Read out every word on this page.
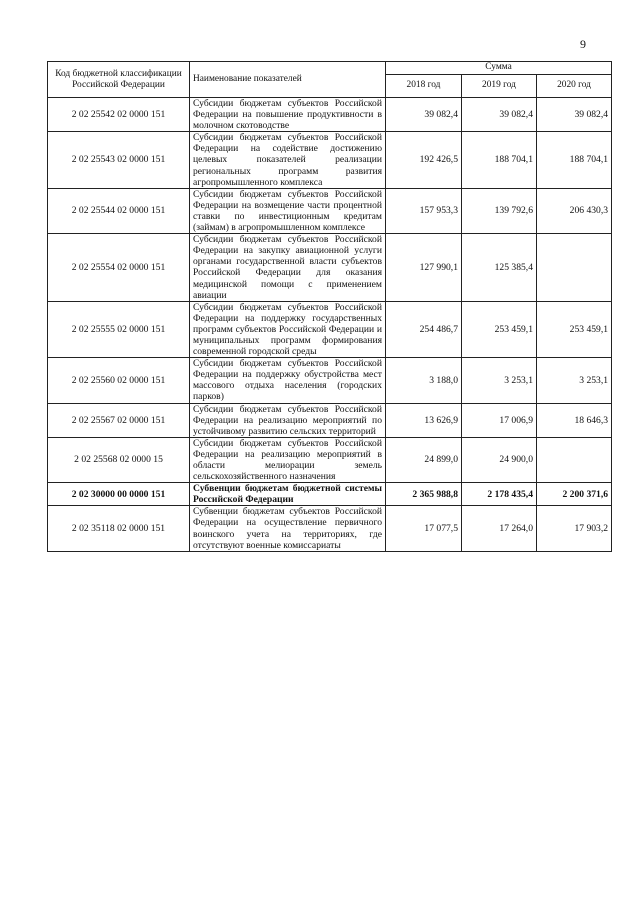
9
Код бюджетной классификации Российской Федерации	Наименование показателей	Сумма		
		2018 год	2019 год	2020 год
2 02 25542 02 0000 151	Субсидии бюджетам субъектов Российской Федерации на повышение продуктивности в молочном скотоводстве	39 082,4	39 082,4	39 082,4
2 02 25543 02 0000 151	Субсидии бюджетам субъектов Российской Федерации на содействие достижению целевых показателей реализации региональных программ развития агропромышленного комплекса	192 426,5	188 704,1	188 704,1
2 02 25544 02 0000 151	Субсидии бюджетам субъектов Российской Федерации на возмещение части процентной ставки по инвестиционным кредитам (займам) в агропромышленном комплексе	157 953,3	139 792,6	206 430,3
2 02 25554 02 0000 151	Субсидии бюджетам субъектов Российской Федерации на закупку авиационной услуги органами государственной власти субъектов Российской Федерации для оказания медицинской помощи с применением авиации	127 990,1	125 385,4	
2 02 25555 02 0000 151	Субсидии бюджетам субъектов Российской Федерации на поддержку государственных программ субъектов Российской Федерации и муниципальных программ формирования современной городской среды	254 486,7	253 459,1	253 459,1
2 02 25560 02 0000 151	Субсидии бюджетам субъектов Российской Федерации на поддержку обустройства мест массового отдыха населения (городских парков)	3 188,0	3 253,1	3 253,1
2 02 25567 02 0000 151	Субсидии бюджетам субъектов Российской Федерации на реализацию мероприятий по устойчивому развитию сельских территорий	13 626,9	17 006,9	18 646,3
2 02 25568 02 0000 15	Субсидии бюджетам субъектов Российской Федерации на реализацию мероприятий в области мелиорации земель сельскохозяйственного назначения	24 899,0	24 900,0	
2 02 30000 00 0000 151	Субвенции бюджетам бюджетной системы Российской Федерации	2 365 988,8	2 178 435,4	2 200 371,6
2 02 35118 02 0000 151	Субвенции бюджетам субъектов Российской Федерации на осуществление первичного воинского учета на территориях, где отсутствуют военные комиссариаты	17 077,5	17 264,0	17 903,2
